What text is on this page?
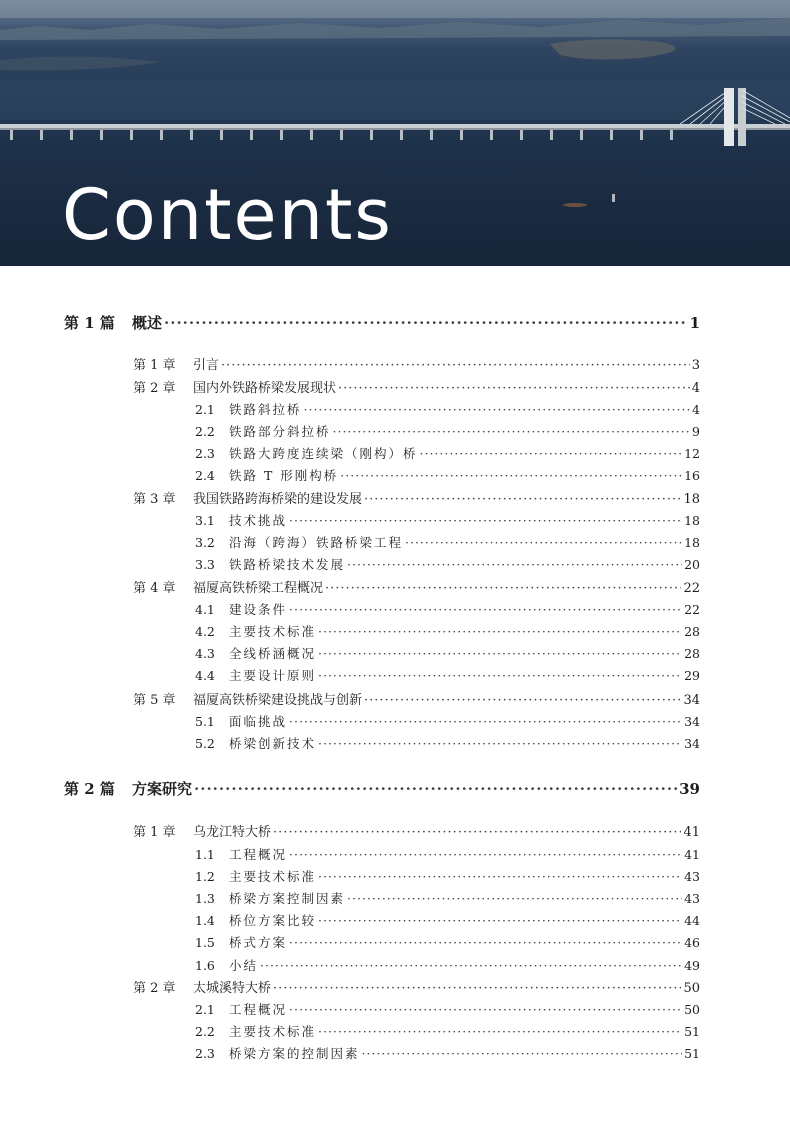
Contents
第 1 篇	概述 ·····	1
第 1 章	引言 ·····	3
第 2 章	国内外铁路桥梁发展现状 ·····	4
2.1	铁路斜拉桥 ·····	4
2.2	铁路部分斜拉桥 ·····	9
2.3	铁路大跨度连续梁（刚构）桥 ·····	12
2.4	铁路 T 形刚构桥 ·····	16
第 3 章	我国铁路跨海桥梁的建设发展 ·····	18
3.1	技术挑战 ·····	18
3.2	沿海（跨海）铁路桥梁工程 ·····	18
3.3	铁路桥梁技术发展 ·····	20
第 4 章	福厦高铁桥梁工程概况 ·····	22
4.1	建设条件 ·····	22
4.2	主要技术标准 ·····	28
4.3	全线桥涵概况 ·····	28
4.4	主要设计原则 ·····	29
第 5 章	福厦高铁桥梁建设挑战与创新 ·····	34
5.1	面临挑战 ·····	34
5.2	桥梁创新技术 ·····	34
第 2 篇	方案研究 ·····	39
第 1 章	乌龙江特大桥 ·····	41
1.1	工程概况 ·····	41
1.2	主要技术标准 ·····	43
1.3	桥梁方案控制因素 ·····	43
1.4	桥位方案比较 ·····	44
1.5	桥式方案 ·····	46
1.6	小结 ·····	49
第 2 章	太城溪特大桥 ·····	50
2.1	工程概况 ·····	50
2.2	主要技术标准 ·····	51
2.3	桥梁方案的控制因素 ·····	51
